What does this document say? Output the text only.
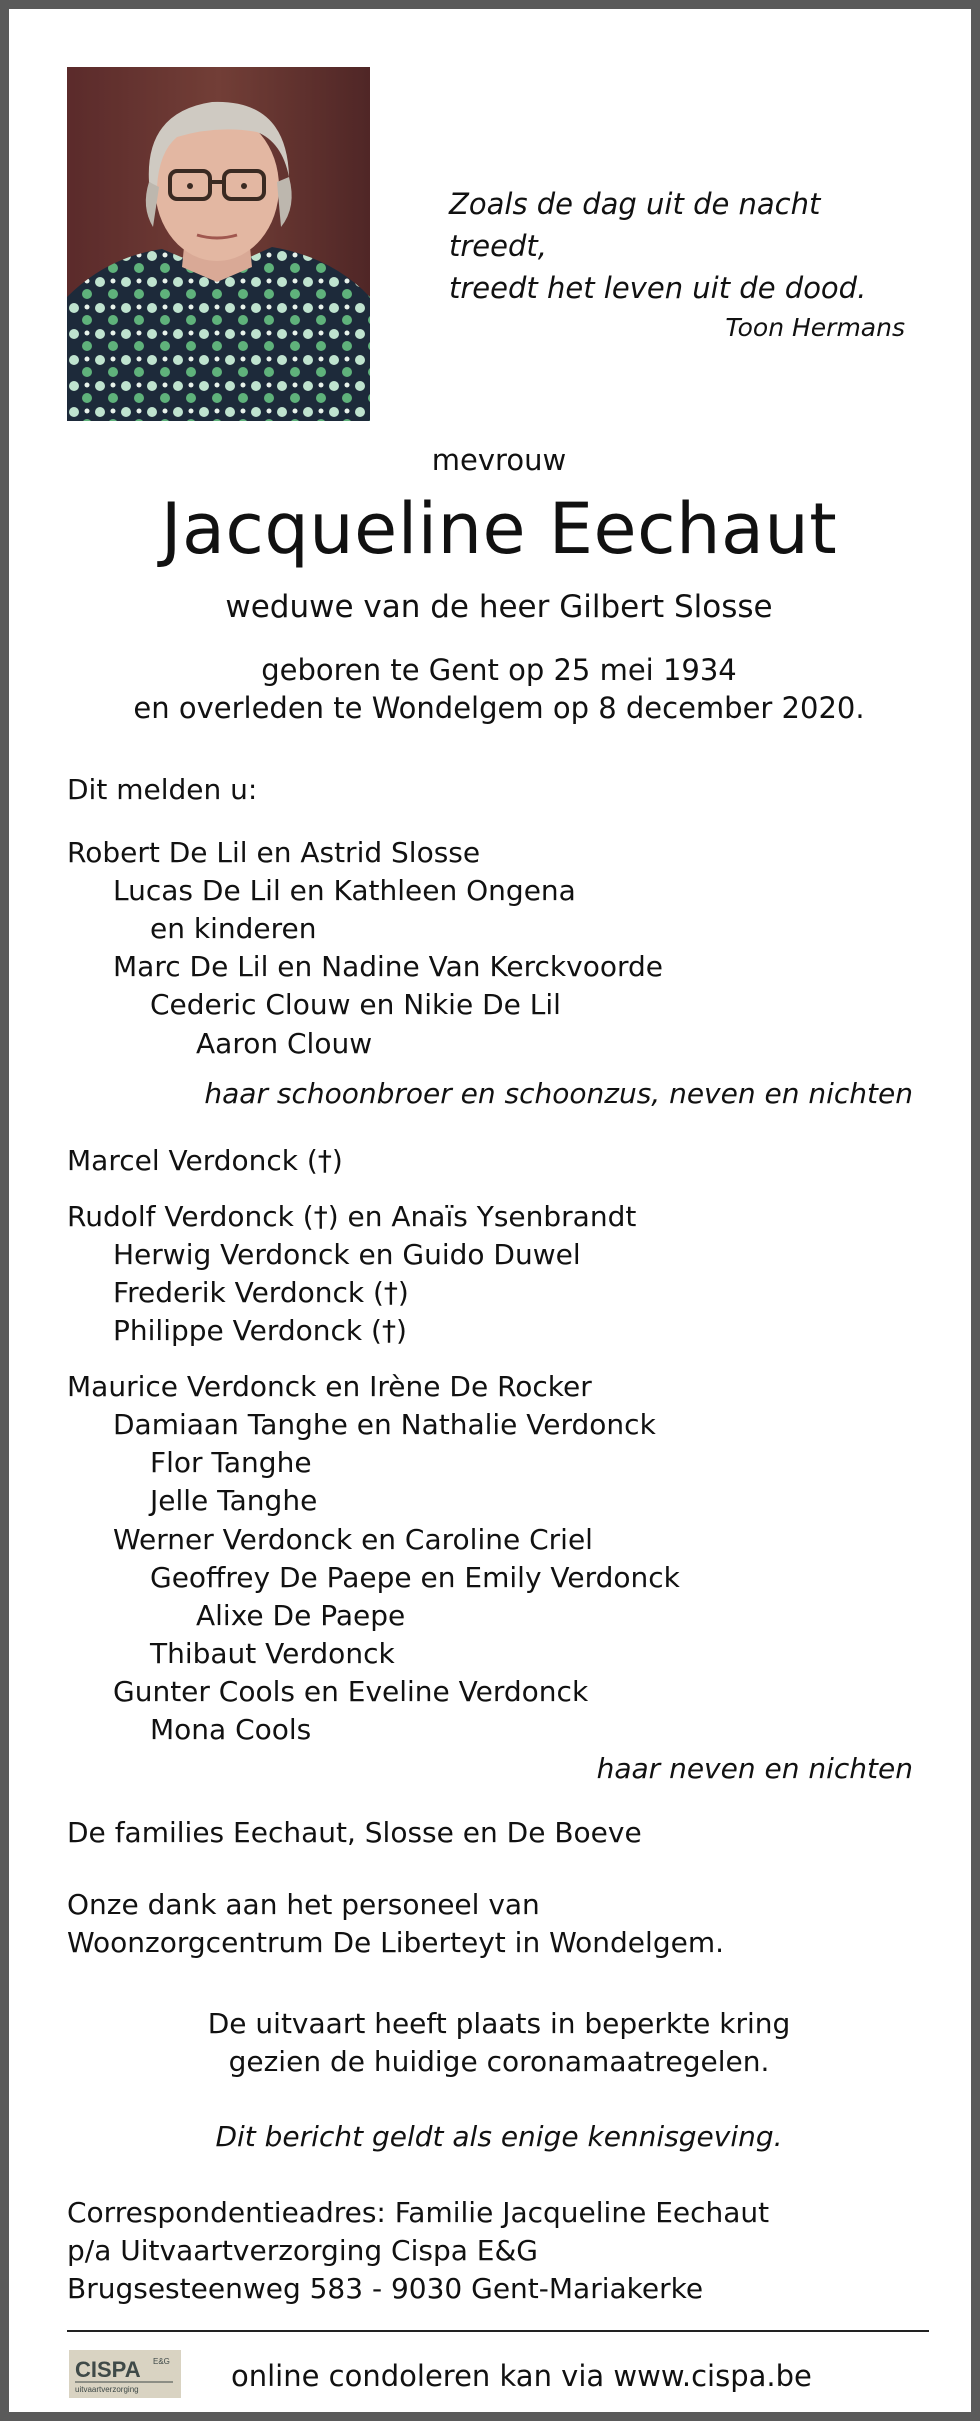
Zoals de dag uit de nacht treedt,
treedt het leven uit de dood.
Toon Hermans
mevrouw
Jacqueline Eechaut
weduwe van de heer Gilbert Slosse
geboren te Gent op 25 mei 1934
en overleden te Wondelgem op 8 december 2020.
Dit melden u:
Robert De Lil en Astrid Slosse
Lucas De Lil en Kathleen Ongena
en kinderen
Marc De Lil en Nadine Van Kerckvoorde
Cederic Clouw en Nikie De Lil
Aaron Clouw
haar schoonbroer en schoonzus, neven en nichten
Marcel Verdonck (†)
Rudolf Verdonck (†) en Anaïs Ysenbrandt
Herwig Verdonck en Guido Duwel
Frederik Verdonck (†)
Philippe Verdonck (†)
Maurice Verdonck en Irène De Rocker
Damiaan Tanghe en Nathalie Verdonck
Flor Tanghe
Jelle Tanghe
Werner Verdonck en Caroline Criel
Geoffrey De Paepe en Emily Verdonck
Alixe De Paepe
Thibaut Verdonck
Gunter Cools en Eveline Verdonck
Mona Cools
haar neven en nichten
De families Eechaut, Slosse en De Boeve
Onze dank aan het personeel van
Woonzorgcentrum De Liberteyt in Wondelgem.
De uitvaart heeft plaats in beperkte kring
gezien de huidige coronamaatregelen.
Dit bericht geldt als enige kennisgeving.
Correspondentieadres: Familie Jacqueline Eechaut
p/a Uitvaartverzorging Cispa E&G
Brugsesteenweg 583 - 9030 Gent-Mariakerke
CISPA E&G
uitvaartverzorging	online condoleren kan via www.cispa.be
